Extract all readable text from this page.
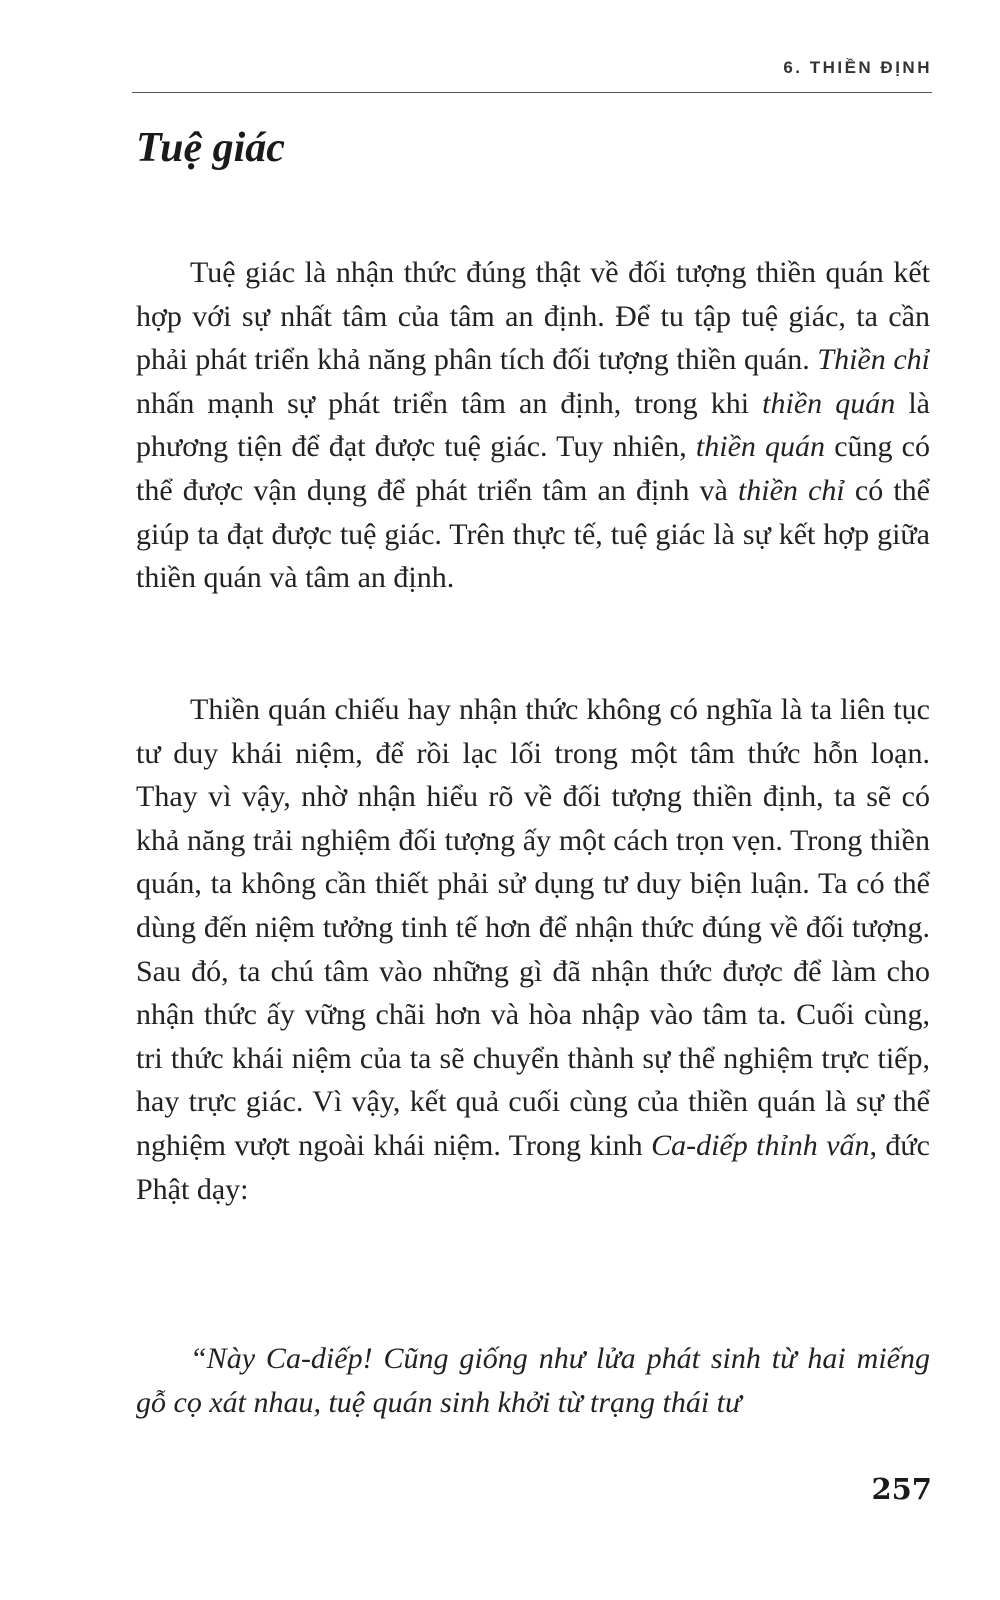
6. THIỀN ĐỊNH
Tuệ giác

Tuệ giác là nhận thức đúng thật về đối tượng thiền quán kết hợp với sự nhất tâm của tâm an định. Để tu tập tuệ giác, ta cần phải phát triển khả năng phân tích đối tượng thiền quán. Thiền chỉ nhấn mạnh sự phát triển tâm an định, trong khi thiền quán là phương tiện để đạt được tuệ giác. Tuy nhiên, thiền quán cũng có thể được vận dụng để phát triển tâm an định và thiền chỉ có thể giúp ta đạt được tuệ giác. Trên thực tế, tuệ giác là sự kết hợp giữa thiền quán và tâm an định.

Thiền quán chiếu hay nhận thức không có nghĩa là ta liên tục tư duy khái niệm, để rồi lạc lối trong một tâm thức hỗn loạn. Thay vì vậy, nhờ nhận hiểu rõ về đối tượng thiền định, ta sẽ có khả năng trải nghiệm đối tượng ấy một cách trọn vẹn. Trong thiền quán, ta không cần thiết phải sử dụng tư duy biện luận. Ta có thể dùng đến niệm tưởng tinh tế hơn để nhận thức đúng về đối tượng. Sau đó, ta chú tâm vào những gì đã nhận thức được để làm cho nhận thức ấy vững chãi hơn và hòa nhập vào tâm ta. Cuối cùng, tri thức khái niệm của ta sẽ chuyển thành sự thể nghiệm trực tiếp, hay trực giác. Vì vậy, kết quả cuối cùng của thiền quán là sự thể nghiệm vượt ngoài khái niệm. Trong kinh Ca-diếp thỉnh vấn, đức Phật dạy:

“Này Ca-diếp! Cũng giống như lửa phát sinh từ hai miếng gỗ cọ xát nhau, tuệ quán sinh khởi từ trạng thái tư

257
